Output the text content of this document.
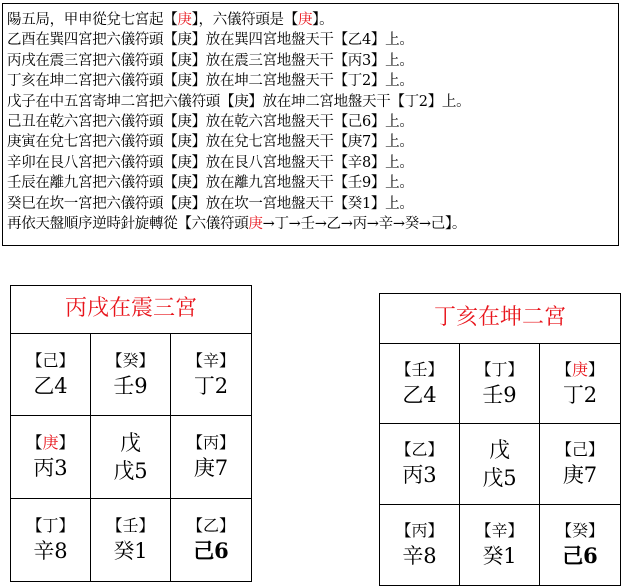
陽五局，甲申從兌七宮起【庚】，六儀符頭是【庚】。
乙酉在巽四宮把六儀符頭【庚】放在巽四宮地盤天干【乙4】上。
丙戌在震三宮把六儀符頭【庚】放在震三宮地盤天干【丙3】上。
丁亥在坤二宮把六儀符頭【庚】放在坤二宮地盤天干【丁2】上。
戊子在中五宮寄坤二宮把六儀符頭【庚】放在坤二宮地盤天干【丁2】上。
己丑在乾六宮把六儀符頭【庚】放在乾六宮地盤天干【己6】上。
庚寅在兌七宮把六儀符頭【庚】放在兌七宮地盤天干【庚7】上。
辛卯在艮八宮把六儀符頭【庚】放在艮八宮地盤天干【辛8】上。
壬辰在離九宮把六儀符頭【庚】放在離九宮地盤天干【壬9】上。
癸巳在坎一宮把六儀符頭【庚】放在坎一宮地盤天干【癸1】上。
再依天盤順序逆時針旋轉從【六儀符頭庚→丁→壬→乙→丙→辛→癸→己】。
丙戌在震三宮
【己】
乙4
【癸】
壬9
【辛】
丁2
【庚】
丙3
戊
戊5
【丙】
庚7
【丁】
辛8
【壬】
癸1
【乙】
己6
丁亥在坤二宮
【壬】
乙4
【丁】
壬9
【庚】
丁2
【乙】
丙3
戊
戊5
【己】
庚7
【丙】
辛8
【辛】
癸1
【癸】
己6
